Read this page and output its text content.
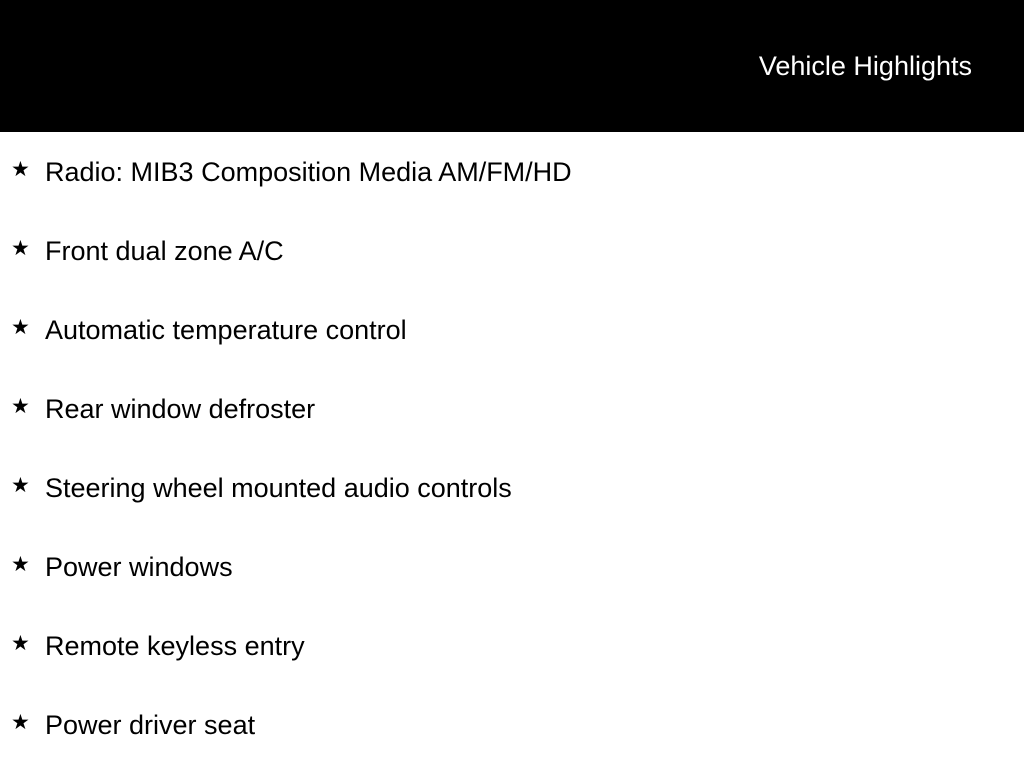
Vehicle Highlights
★ Radio: MIB3 Composition Media AM/FM/HD
★ Front dual zone A/C
★ Automatic temperature control
★ Rear window defroster
★ Steering wheel mounted audio controls
★ Power windows
★ Remote keyless entry
★ Power driver seat
